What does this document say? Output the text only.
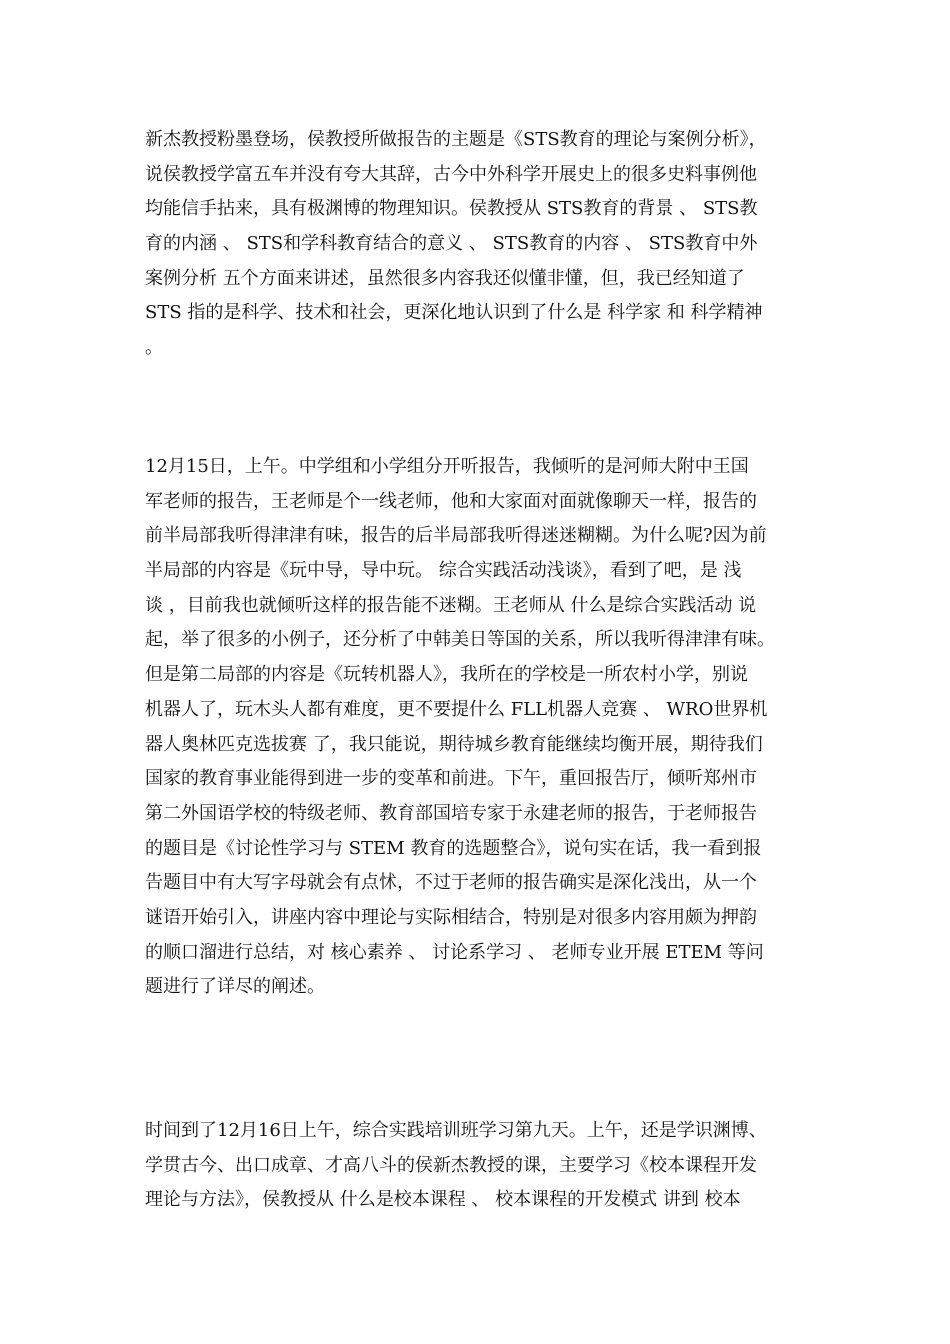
新杰教授粉墨登场，侯教授所做报告的主题是《STS教育的理论与案例分析》，
说侯教授学富五车并没有夸大其辞，古今中外科学开展史上的很多史料事例他
均能信手拈来，具有极渊博的物理知识。侯教授从 STS教育的背景 、 STS教
育的内涵 、 STS和学科教育结合的意义 、 STS教育的内容 、 STS教育中外
案例分析 五个方面来讲述，虽然很多内容我还似懂非懂，但，我已经知道了
STS 指的是科学、技术和社会，更深化地认识到了什么是 科学家 和 科学精神
。
12月15日，上午。中学组和小学组分开听报告，我倾听的是河师大附中王国
军老师的报告，王老师是个一线老师，他和大家面对面就像聊天一样，报告的
前半局部我听得津津有味，报告的后半局部我听得迷迷糊糊。为什么呢?因为前
半局部的内容是《玩中导，导中玩。 综合实践活动浅谈》，看到了吧，是 浅
谈 ，目前我也就倾听这样的报告能不迷糊。王老师从 什么是综合实践活动 说
起，举了很多的小例子，还分析了中韩美日等国的关系，所以我听得津津有味。
但是第二局部的内容是《玩转机器人》，我所在的学校是一所农村小学，别说
机器人了，玩木头人都有难度，更不要提什么 FLL机器人竞赛 、 WRO世界机
器人奥林匹克选拔赛 了，我只能说，期待城乡教育能继续均衡开展，期待我们
国家的教育事业能得到进一步的变革和前进。下午，重回报告厅，倾听郑州市
第二外国语学校的特级老师、教育部国培专家于永建老师的报告，于老师报告
的题目是《讨论性学习与 STEM 教育的选题整合》，说句实在话，我一看到报
告题目中有大写字母就会有点怵，不过于老师的报告确实是深化浅出，从一个
谜语开始引入，讲座内容中理论与实际相结合，特别是对很多内容用颇为押韵
的顺口溜进行总结，对 核心素养 、 讨论系学习 、 老师专业开展 ETEM 等问
题进行了详尽的阐述。
时间到了12月16日上午，综合实践培训班学习第九天。上午，还是学识渊博、
学贯古今、出口成章、才高八斗的侯新杰教授的课，主要学习《校本课程开发
理论与方法》，侯教授从 什么是校本课程 、 校本课程的开发模式 讲到 校本
